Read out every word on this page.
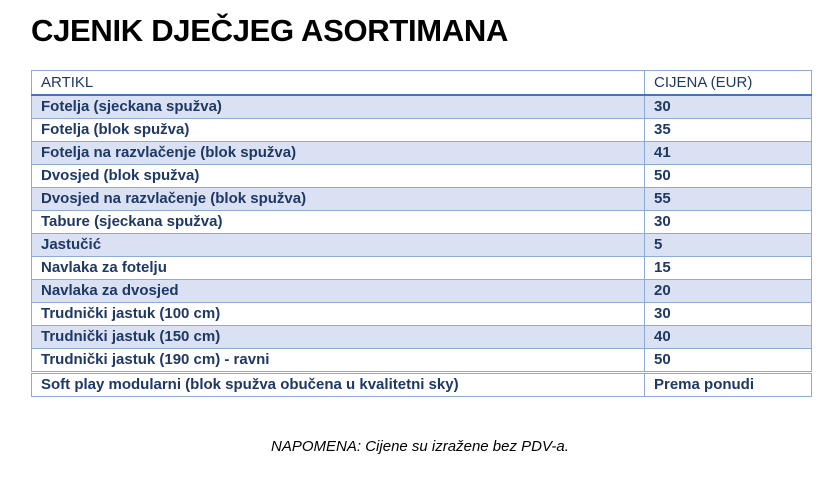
CJENIK DJEČJEG ASORTIMANA
ARTIKL	CIJENA (EUR)
Fotelja (sjeckana spužva)	30
Fotelja (blok spužva)	35
Fotelja na razvlačenje (blok spužva)	41
Dvosjed (blok spužva)	50
Dvosjed na razvlačenje (blok spužva)	55
Tabure (sjeckana spužva)	30
Jastučić	5
Navlaka za fotelju	15
Navlaka za dvosjed	20
Trudnički jastuk (100 cm)	30
Trudnički jastuk (150 cm)	40
Trudnički jastuk (190 cm) - ravni	50
Soft play modularni (blok spužva obučena u kvalitetni sky)	Prema ponudi
NAPOMENA: Cijene su izražene bez PDV-a.
